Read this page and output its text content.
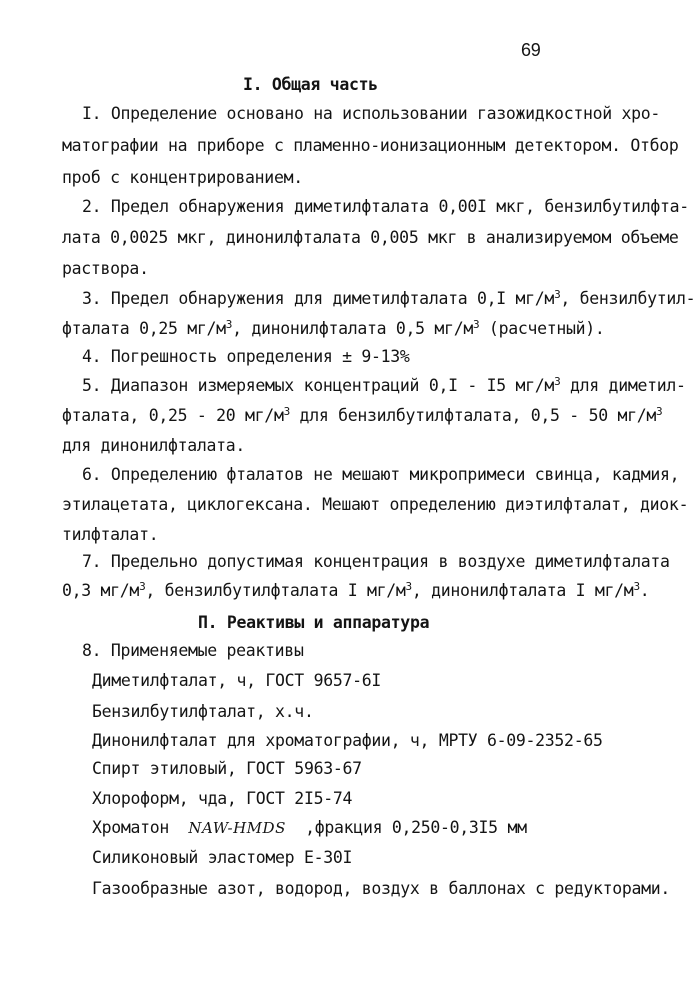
69
I. Общая часть
I. Определение основано на использовании газожидкостной хро-
матографии на приборе с пламенно-ионизационным детектором. Отбор
проб с концентрированием.
2. Предел обнаружения диметилфталата 0,00I мкг, бензилбутилфта-
лата 0,0025 мкг, динонилфталата 0,005 мкг в анализируемом объеме
раствора.
3. Предел обнаружения для диметилфталата 0,I $мг/м^3$, бензилбутил-
фталата 0,25 $мг/м^3$, динонилфталата 0,5 $мг/м^3$ (расчетный).
4. Погрешность определения ± 9-13%
5. Диапазон измеряемых концентраций 0,I - I5 $мг/м^3$ для диметил-
фталата, 0,25 - 20 $мг/м^3$ для бензилбутилфталата, 0,5 - 50 $мг/м^3$
для динонилфталата.
6. Определению фталатов не мешают микропримеси свинца, кадмия,
этилацетата, циклогексана. Мешают определению диэтилфталат, диок-
тилфталат.
7. Предельно допустимая концентрация в воздухе диметилфталата
0,3 $мг/м^3$, бензилбутилфталата I $мг/м^3$, динонилфталата I $мг/м^3$.
П. Реактивы и аппаратура
8. Применяемые реактивы
Диметилфталат, ч, ГОСТ 9657-6I
Бензилбутилфталат, х.ч.
Динонилфталат для хроматографии, ч, МРТУ 6-09-2352-65
Спирт этиловый, ГОСТ 5963-67
Хлороформ, чда, ГОСТ 2I5-74
Хроматон NAW-HMDS ,фракция 0,250-0,3I5 мм
Силиконовый эластомер Е-30I
Газообразные азот, водород, воздух в баллонах с редукторами.
